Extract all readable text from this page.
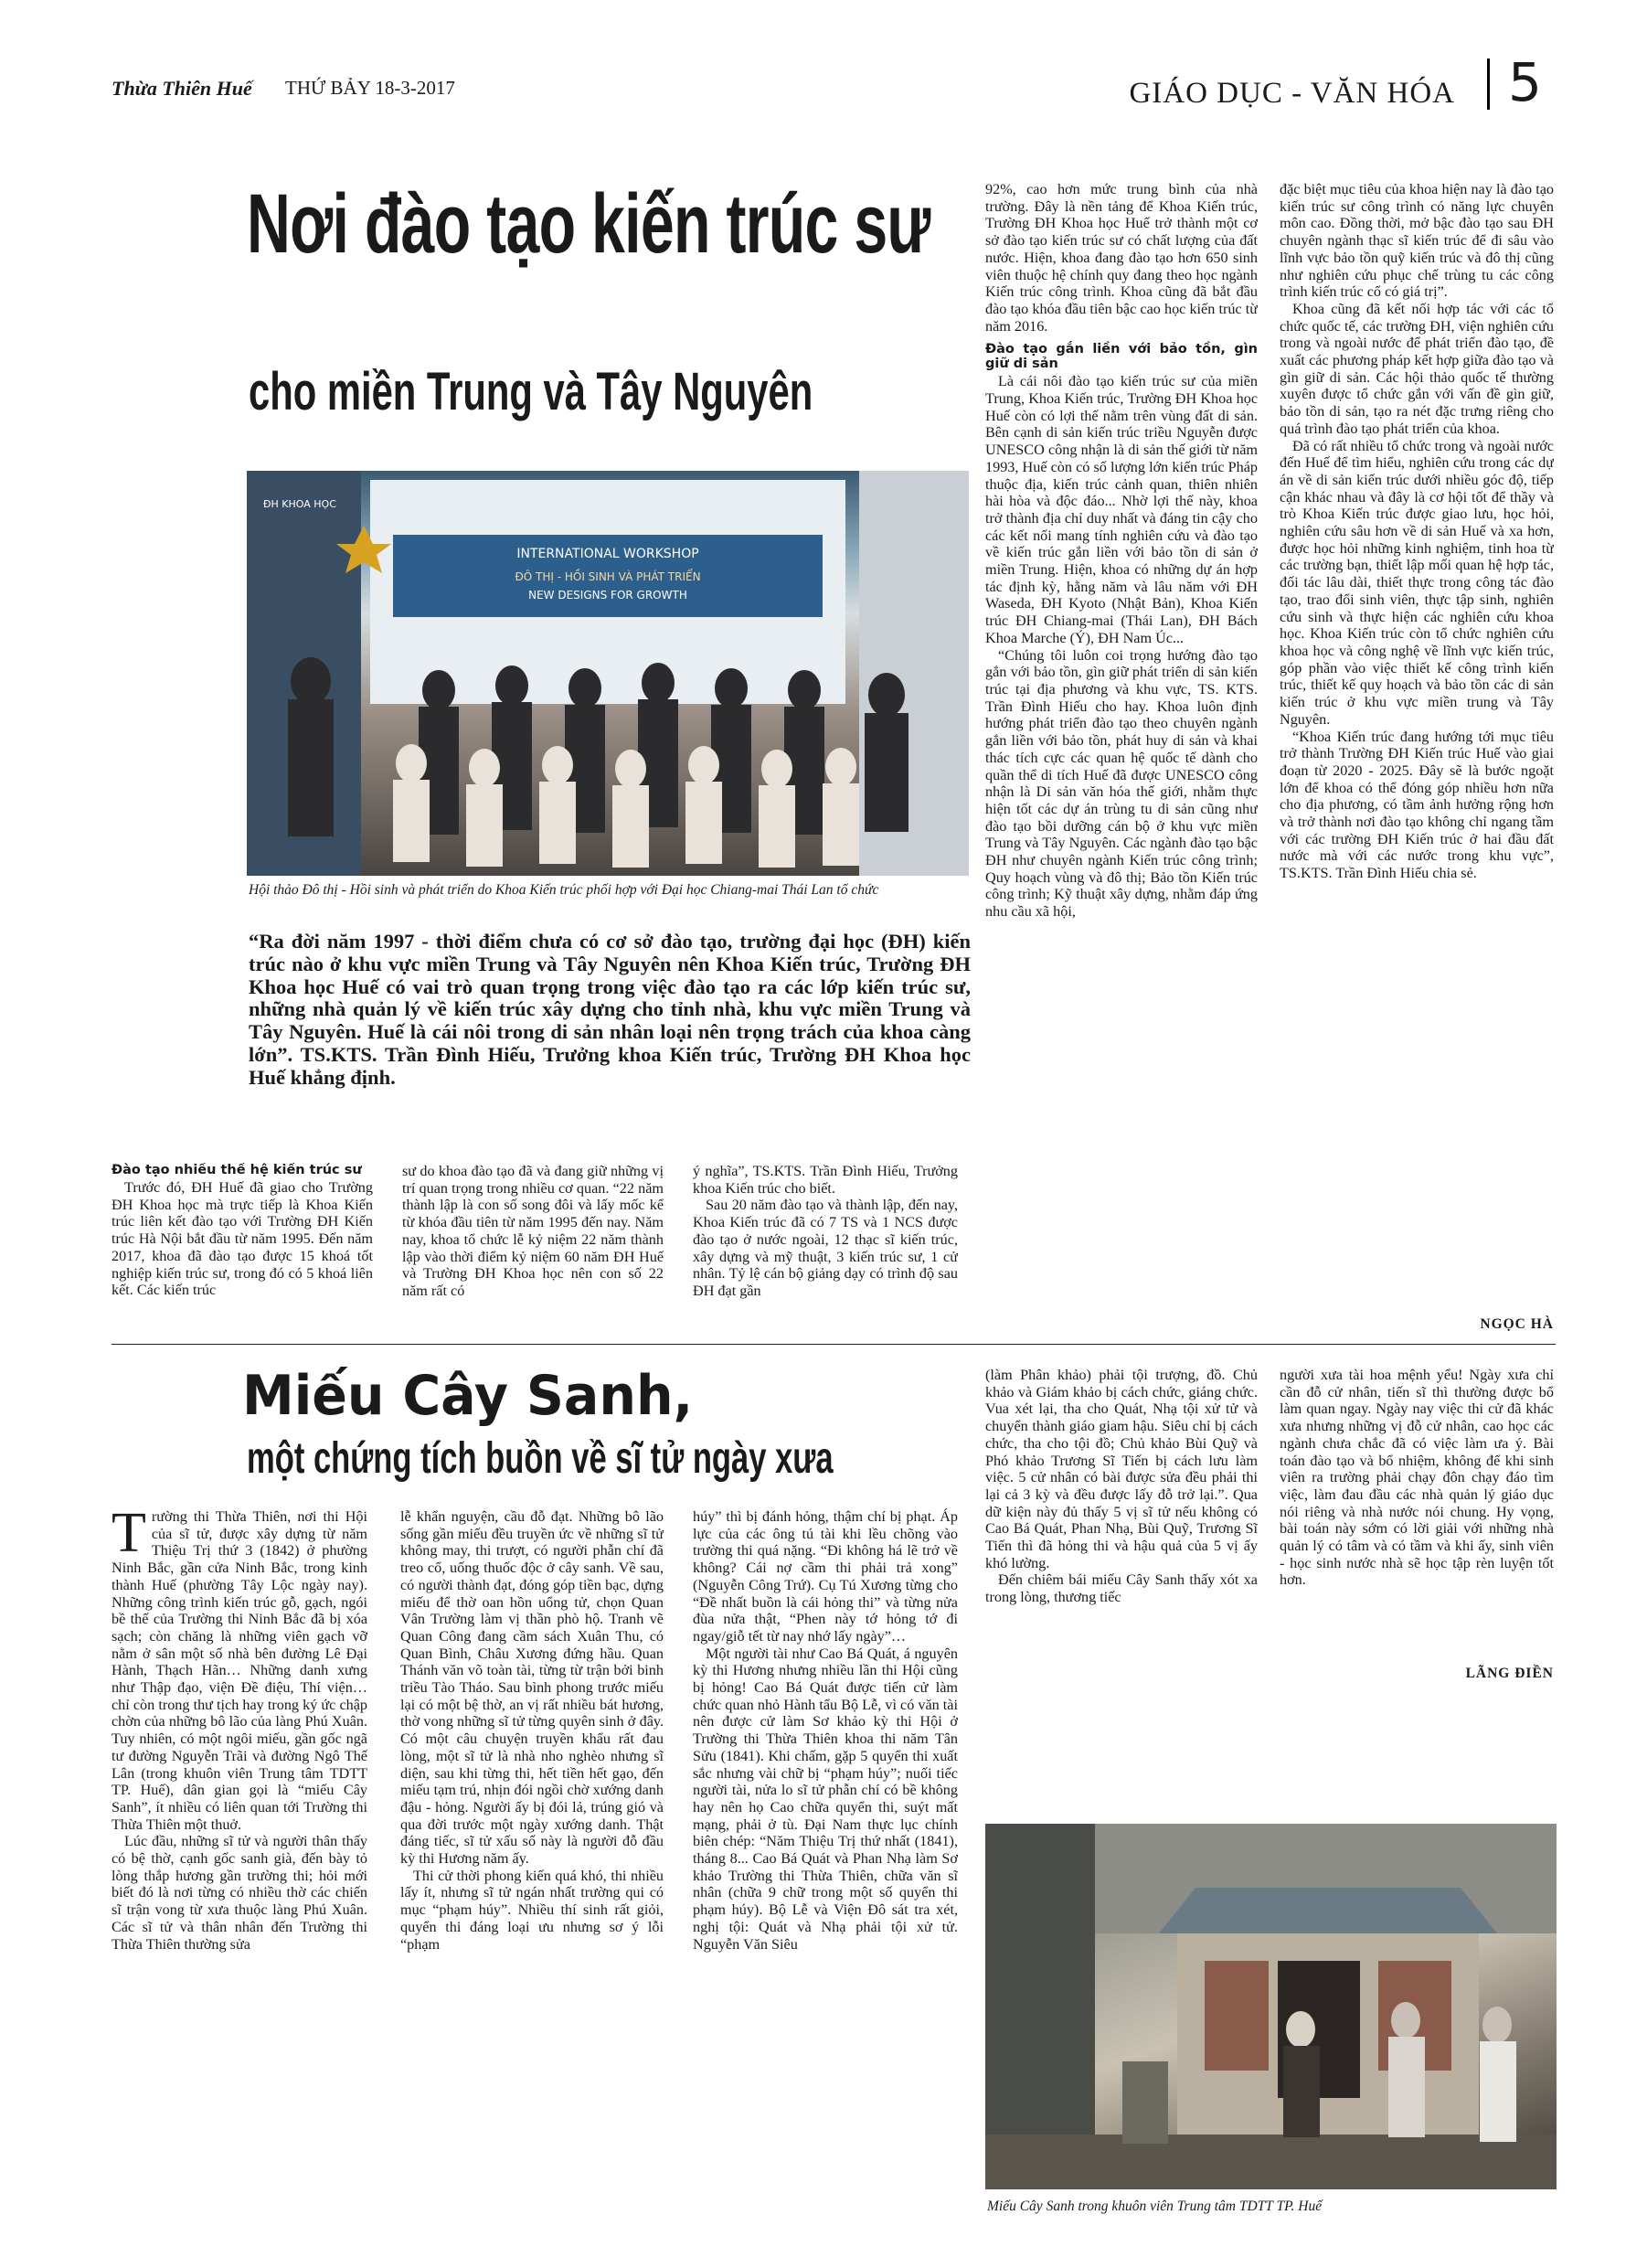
Thừa Thiên Huế THỨ BẢY 18-3-2017	GIÁO DỤC - VĂN HÓA 5
Nơi đào tạo kiến trúc sư
cho miền Trung và Tây Nguyên
INTERNATIONAL WORKSHOP
ĐÔ THỊ - HỒI SINH VÀ PHÁT TRIỂN
NEW DESIGNS FOR GROWTH
ĐH KHOA HỌC
Hội thảo Đô thị - Hồi sinh và phát triển do Khoa Kiến trúc phối hợp với Đại học Chiang-mai Thái Lan tổ chức
“Ra đời năm 1997 - thời điểm chưa có cơ sở đào tạo, trường đại học (ĐH) kiến trúc nào ở khu vực miền Trung và Tây Nguyên nên Khoa Kiến trúc, Trường ĐH Khoa học Huế có vai trò quan trọng trong việc đào tạo ra các lớp kiến trúc sư, những nhà quản lý về kiến trúc xây dựng cho tỉnh nhà, khu vực miền Trung và Tây Nguyên. Huế là cái nôi trong di sản nhân loại nên trọng trách của khoa càng lớn”. TS.KTS. Trần Đình Hiếu, Trưởng khoa Kiến trúc, Trường ĐH Khoa học Huế khẳng định.
Đào tạo nhiều thế hệ kiến trúc sư

Trước đó, ĐH Huế đã giao cho Trường ĐH Khoa học mà trực tiếp là Khoa Kiến trúc liên kết đào tạo với Trường ĐH Kiến trúc Hà Nội bắt đầu từ năm 1995. Đến năm 2017, khoa đã đào tạo được 15 khoá tốt nghiệp kiến trúc sư, trong đó có 5 khoá liên kết. Các kiến trúc

sư do khoa đào tạo đã và đang giữ những vị trí quan trọng trong nhiều cơ quan. “22 năm thành lập là con số song đôi và lấy mốc kể từ khóa đầu tiên từ năm 1995 đến nay. Năm nay, khoa tổ chức lễ kỷ niệm 22 năm thành lập vào thời điểm kỷ niệm 60 năm ĐH Huế và Trường ĐH Khoa học nên con số 22 năm rất có

ý nghĩa”, TS.KTS. Trần Đình Hiếu, Trưởng khoa Kiến trúc cho biết.

Sau 20 năm đào tạo và thành lập, đến nay, Khoa Kiến trúc đã có 7 TS và 1 NCS được đào tạo ở nước ngoài, 12 thạc sĩ kiến trúc, xây dựng và mỹ thuật, 3 kiến trúc sư, 1 cử nhân. Tỷ lệ cán bộ giảng dạy có trình độ sau ĐH đạt gần

92%, cao hơn mức trung bình của nhà trường. Đây là nền tảng để Khoa Kiến trúc, Trường ĐH Khoa học Huế trở thành một cơ sở đào tạo kiến trúc sư có chất lượng của đất nước. Hiện, khoa đang đào tạo hơn 650 sinh viên thuộc hệ chính quy đang theo học ngành Kiến trúc công trình. Khoa cũng đã bắt đầu đào tạo khóa đầu tiên bậc cao học kiến trúc từ năm 2016.

Đào tạo gắn liền với bảo tồn, gìn giữ di sản

Là cái nôi đào tạo kiến trúc sư của miền Trung, Khoa Kiến trúc, Trường ĐH Khoa học Huế còn có lợi thế nằm trên vùng đất di sản. Bên cạnh di sản kiến trúc triều Nguyễn được UNESCO công nhận là di sản thế giới từ năm 1993, Huế còn có số lượng lớn kiến trúc Pháp thuộc địa, kiến trúc cảnh quan, thiên nhiên hài hòa và độc đáo... Nhờ lợi thế này, khoa trở thành địa chỉ duy nhất và đáng tin cậy cho các kết nối mang tính nghiên cứu và đào tạo về kiến trúc gắn liền với bảo tồn di sản ở miền Trung. Hiện, khoa có những dự án hợp tác định kỳ, hằng năm và lâu năm với ĐH Waseda, ĐH Kyoto (Nhật Bản), Khoa Kiến trúc ĐH Chiang-mai (Thái Lan), ĐH Bách Khoa Marche (Ý), ĐH Nam Úc...

“Chúng tôi luôn coi trọng hướng đào tạo gắn với bảo tồn, gìn giữ phát triển di sản kiến trúc tại địa phương và khu vực, TS. KTS. Trần Đình Hiếu cho hay. Khoa luôn định hướng phát triển đào tạo theo chuyên ngành gắn liền với bảo tồn, phát huy di sản và khai thác tích cực các quan hệ quốc tế dành cho quần thể di tích Huế đã được UNESCO công nhận là Di sản văn hóa thế giới, nhằm thực hiện tốt các dự án trùng tu di sản cũng như đào tạo bồi dưỡng cán bộ ở khu vực miền Trung và Tây Nguyên. Các ngành đào tạo bậc ĐH như chuyên ngành Kiến trúc công trình; Quy hoạch vùng và đô thị; Bảo tồn Kiến trúc công trình; Kỹ thuật xây dựng, nhằm đáp ứng nhu cầu xã hội,

đặc biệt mục tiêu của khoa hiện nay là đào tạo kiến trúc sư công trình có năng lực chuyên môn cao. Đồng thời, mở bậc đào tạo sau ĐH chuyên ngành thạc sĩ kiến trúc để đi sâu vào lĩnh vực bảo tồn quỹ kiến trúc và đô thị cũng như nghiên cứu phục chế trùng tu các công trình kiến trúc cổ có giá trị”.

Khoa cũng đã kết nối hợp tác với các tổ chức quốc tế, các trường ĐH, viện nghiên cứu trong và ngoài nước để phát triển đào tạo, đề xuất các phương pháp kết hợp giữa đào tạo và gìn giữ di sản. Các hội thảo quốc tế thường xuyên được tổ chức gắn với vấn đề gìn giữ, bảo tồn di sản, tạo ra nét đặc trưng riêng cho quá trình đào tạo phát triển của khoa.

Đã có rất nhiều tổ chức trong và ngoài nước đến Huế để tìm hiểu, nghiên cứu trong các dự án về di sản kiến trúc dưới nhiều góc độ, tiếp cận khác nhau và đây là cơ hội tốt để thầy và trò Khoa Kiến trúc được giao lưu, học hỏi, nghiên cứu sâu hơn về di sản Huế và xa hơn, được học hỏi những kinh nghiệm, tinh hoa từ các trường bạn, thiết lập mối quan hệ hợp tác, đối tác lâu dài, thiết thực trong công tác đào tạo, trao đổi sinh viên, thực tập sinh, nghiên cứu sinh và thực hiện các nghiên cứu khoa học. Khoa Kiến trúc còn tổ chức nghiên cứu khoa học và công nghệ về lĩnh vực kiến trúc, góp phần vào việc thiết kế công trình kiến trúc, thiết kế quy hoạch và bảo tồn các di sản kiến trúc ở khu vực miền trung và Tây Nguyên.

“Khoa Kiến trúc đang hướng tới mục tiêu trở thành Trường ĐH Kiến trúc Huế vào giai đoạn từ 2020 - 2025. Đây sẽ là bước ngoặt lớn để khoa có thể đóng góp nhiều hơn nữa cho địa phương, có tầm ảnh hưởng rộng hơn và trở thành nơi đào tạo không chỉ ngang tầm với các trường ĐH Kiến trúc ở hai đầu đất nước mà với các nước trong khu vực”, TS.KTS. Trần Đình Hiếu chia sẻ.

NGỌC HÀ
Miếu Cây Sanh,
một chứng tích buồn về sĩ tử ngày xưa
T rường thi Thừa Thiên, nơi thi Hội của sĩ tử, được xây dựng từ năm Thiệu Trị thứ 3 (1842) ở phường Ninh Bắc, gần cửa Ninh Bắc, trong kinh thành Huế (phường Tây Lộc ngày nay). Những công trình kiến trúc gỗ, gạch, ngói bề thế của Trường thi Ninh Bắc đã bị xóa sạch; còn chăng là những viên gạch vỡ nằm ở sân một số nhà bên đường Lê Đại Hành, Thạch Hãn… Những danh xưng như Thập đạo, viện Đề điệu, Thí viện… chỉ còn trong thư tịch hay trong ký ức chập chờn của những bô lão của làng Phú Xuân. Tuy nhiên, có một ngôi miếu, gần gốc ngã tư đường Nguyễn Trãi và đường Ngô Thế Lân (trong khuôn viên Trung tâm TDTT TP. Huế), dân gian gọi là “miếu Cây Sanh”, ít nhiều có liên quan tới Trường thi Thừa Thiên một thuở.

Lúc đầu, những sĩ tử và người thân thấy có bệ thờ, cạnh gốc sanh già, đến bày tỏ lòng thắp hương gần trường thi; hỏi mới biết đó là nơi từng có nhiều thờ các chiến sĩ trận vong từ xưa thuộc làng Phú Xuân. Các sĩ tử và thân nhân đến Trường thi Thừa Thiên thường sửa

lễ khẩn nguyện, cầu đỗ đạt. Những bô lão sống gần miếu đều truyền ức về những sĩ tử không may, thi trượt, có người phẫn chí đã treo cổ, uống thuốc độc ở cây sanh. Về sau, có người thành đạt, đóng góp tiền bạc, dựng miếu để thờ oan hồn uổng tử, chọn Quan Vân Trường làm vị thần phò hộ. Tranh vẽ Quan Công đang cầm sách Xuân Thu, có Quan Bình, Châu Xương đứng hầu. Quan Thánh văn võ toàn tài, từng từ trận bởi binh triều Tào Tháo. Sau bình phong trước miếu lại có một bệ thờ, an vị rất nhiều bát hương, thờ vong những sĩ tử từng quyên sinh ở đây. Có một câu chuyện truyền khẩu rất đau lòng, một sĩ tử là nhà nho nghèo nhưng sĩ diện, sau khi từng thi, hết tiền hết gạo, đến miếu tạm trú, nhịn đói ngồi chờ xướng danh đậu - hỏng. Người ấy bị đói lả, trúng gió và qua đời trước một ngày xướng danh. Thật đáng tiếc, sĩ tử xấu số này là người đỗ đầu kỳ thi Hương năm ấy.

Thi cử thời phong kiến quá khó, thi nhiều lấy ít, nhưng sĩ tử ngán nhất trường qui có mục “phạm húy”. Nhiều thí sinh rất giỏi, quyển thi đáng loại ưu nhưng sơ ý lỗi “phạm

húy” thì bị đánh hỏng, thậm chí bị phạt. Áp lực của các ông tú tài khi lều chõng vào trường thi quá nặng. “Đi không há lẽ trở về không? Cái nợ cầm thi phải trả xong” (Nguyễn Công Trứ). Cụ Tú Xương từng cho “Đề nhất buồn là cái hỏng thi” và từng nửa đùa nửa thật, “Phen này tớ hỏng tớ đi ngay/giỗ tết từ nay nhớ lấy ngày”…

Một người tài như Cao Bá Quát, á nguyên kỳ thi Hương nhưng nhiều lần thi Hội cũng bị hỏng! Cao Bá Quát được tiến cử làm chức quan nhỏ Hành tẩu Bộ Lễ, vì có văn tài nên được cử làm Sơ khảo kỳ thi Hội ở Trường thi Thừa Thiên khoa thi năm Tân Sửu (1841). Khi chấm, gặp 5 quyển thi xuất sắc nhưng vài chữ bị “phạm húy”; nuối tiếc người tài, nửa lo sĩ tử phẫn chí có bề không hay nên họ Cao chữa quyển thi, suýt mất mạng, phải ở tù. Đại Nam thực lục chính biên chép: “Năm Thiệu Trị thứ nhất (1841), tháng 8... Cao Bá Quát và Phan Nhạ làm Sơ khảo Trường thi Thừa Thiên, chữa văn sĩ nhân (chữa 9 chữ trong một số quyển thi phạm húy). Bộ Lễ và Viện Đô sát tra xét, nghị tội: Quát và Nhạ phải tội xử tử. Nguyễn Văn Siêu

(làm Phân khảo) phải tội trượng, đồ. Chủ khảo và Giám khảo bị cách chức, giáng chức. Vua xét lại, tha cho Quát, Nhạ tội xử tử và chuyển thành giáo giam hậu. Siêu chỉ bị cách chức, tha cho tội đồ; Chủ khảo Bùi Quỹ và Phó khảo Trương Sĩ Tiến bị cách lưu làm việc. 5 cử nhân có bài được sửa đều phải thi lại cả 3 kỳ và đều được lấy đỗ trở lại.”. Qua dữ kiện này đủ thấy 5 vị sĩ tử nếu không có Cao Bá Quát, Phan Nhạ, Bùi Quỹ, Trương Sĩ Tiến thì đã hỏng thi và hậu quả của 5 vị ấy khó lường.

Đến chiêm bái miếu Cây Sanh thấy xót xa trong lòng, thương tiếc

người xưa tài hoa mệnh yểu! Ngày xưa chỉ cần đỗ cử nhân, tiến sĩ thì thường được bổ làm quan ngay. Ngày nay việc thi cử đã khác xưa nhưng những vị đỗ cử nhân, cao học các ngành chưa chắc đã có việc làm ưa ý. Bài toán đào tạo và bổ nhiệm, không để khi sinh viên ra trường phải chạy đôn chạy đáo tìm việc, làm đau đầu các nhà quản lý giáo dục nói riêng và nhà nước nói chung. Hy vọng, bài toán này sớm có lời giải với những nhà quản lý có tâm và có tầm và khi ấy, sinh viên - học sinh nước nhà sẽ học tập rèn luyện tốt hơn.

LÃNG ĐIỀN
Miếu Cây Sanh trong khuôn viên Trung tâm TDTT TP. Huế
